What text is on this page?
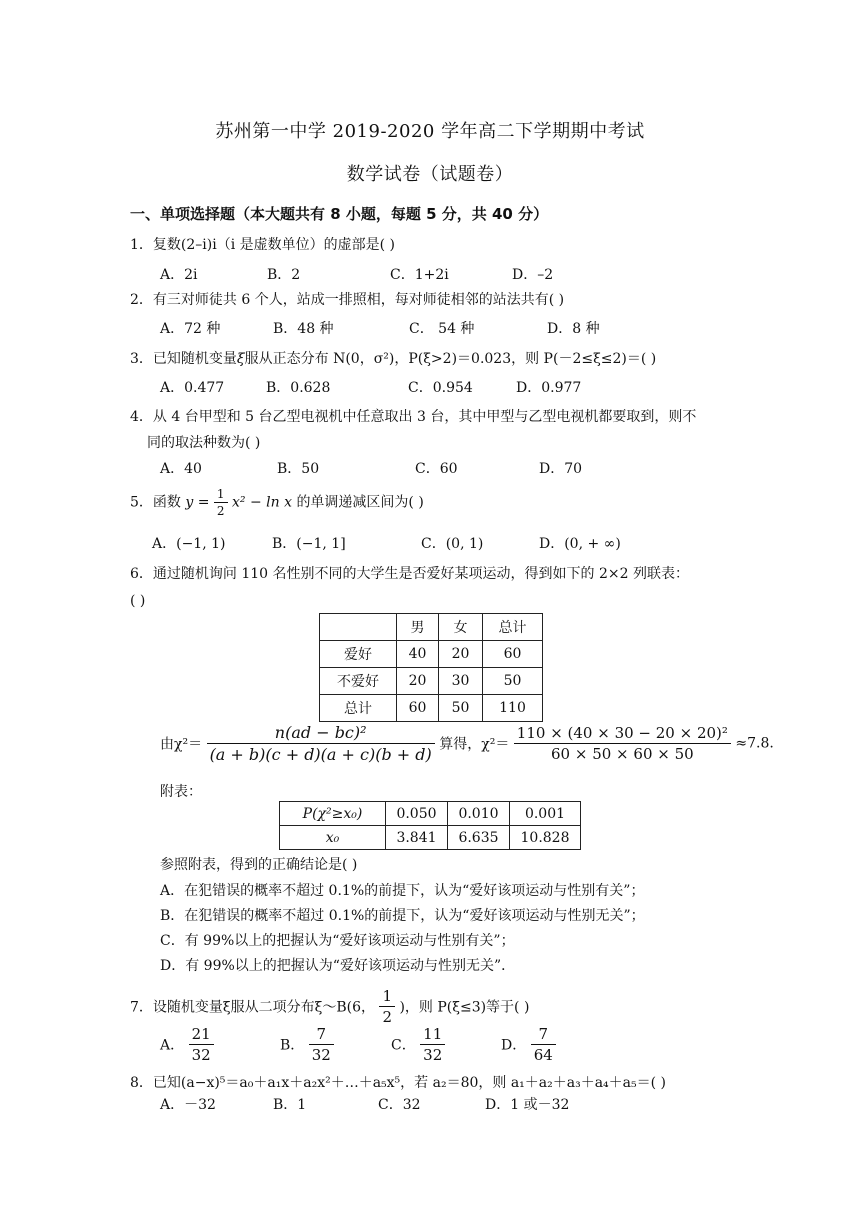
苏州第一中学 2019-2020 学年高二下学期期中考试
数学试卷（试题卷）
一、单项选择题（本大题共有 8 小题，每题 5 分，共 40 分）
1．复数(2–i)i（i 是虚数单位）的虚部是( )
A．2i	B．2	C．1+2i	D．–2
2．有三对师徒共 6 个人，站成一排照相，每对师徒相邻的站法共有( )
A．72 种	B．48 种	C． 54 种	D．8 种
3．已知随机变量ξ服从正态分布 N(0，σ²)，P(ξ>2)＝0.023，则 P(－2≤ξ≤2)＝( )
A．0.477	B．0.628	C．0.954	D．0.977
4．从 4 台甲型和 5 台乙型电视机中任意取出 3 台，其中甲型与乙型电视机都要取到，则不
同的取法种数为( )
A．40	B．50	C．60	D．70
5．函数 $y = \frac{1}{2} x^2 - \ln x$ 的单调递减区间为( )
A．(−1, 1)	B．(−1, 1]	C．(0, 1)	D．(0, + ∞)
6．通过随机询问 110 名性别不同的大学生是否爱好某项运动，得到如下的 2×2 列联表：
( )
	男	女	总计
爱好	40	20	60
不爱好	20	30	50
总计	60	50	110
由$\chi^2= \frac{\text{n(ad − bc)²}}{(a + b)(c + d)(a + c)(b + d)}$ 算得，$\chi^2= \frac{\text{110 × (40 × 30 − 20 × 20)²}}{60 \times 50 \times 60 \times 50} \approx 7.8$.
附表：
P(χ²≥x₀)	0.050	0.010	0.001
x₀	3.841	6.635	10.828
参照附表，得到的正确结论是( )
A．在犯错误的概率不超过 0.1%的前提下，认为“爱好该项运动与性别有关”；
B．在犯错误的概率不超过 0.1%的前提下，认为“爱好该项运动与性别无关”；
C．有 99%以上的把握认为“爱好该项运动与性别有关”；
D．有 99%以上的把握认为“爱好该项运动与性别无关”．
7．设随机变量ξ服从二项分布ξ～B(6， $\frac{1}{2}$ )，则 P(ξ≤3)等于( )
A． $\frac{21}{32}$	B． $\frac{7}{32}$	C． $\frac{11}{32}$	D． $\frac{7}{64}$
8．已知(a−x)⁵＝a₀＋a₁x＋a₂x²＋…＋a₅x⁵，若 a₂＝80，则 a₁＋a₂＋a₃＋a₄＋a₅＝( )
A．－32	B．1	C．32	D．1 或－32
